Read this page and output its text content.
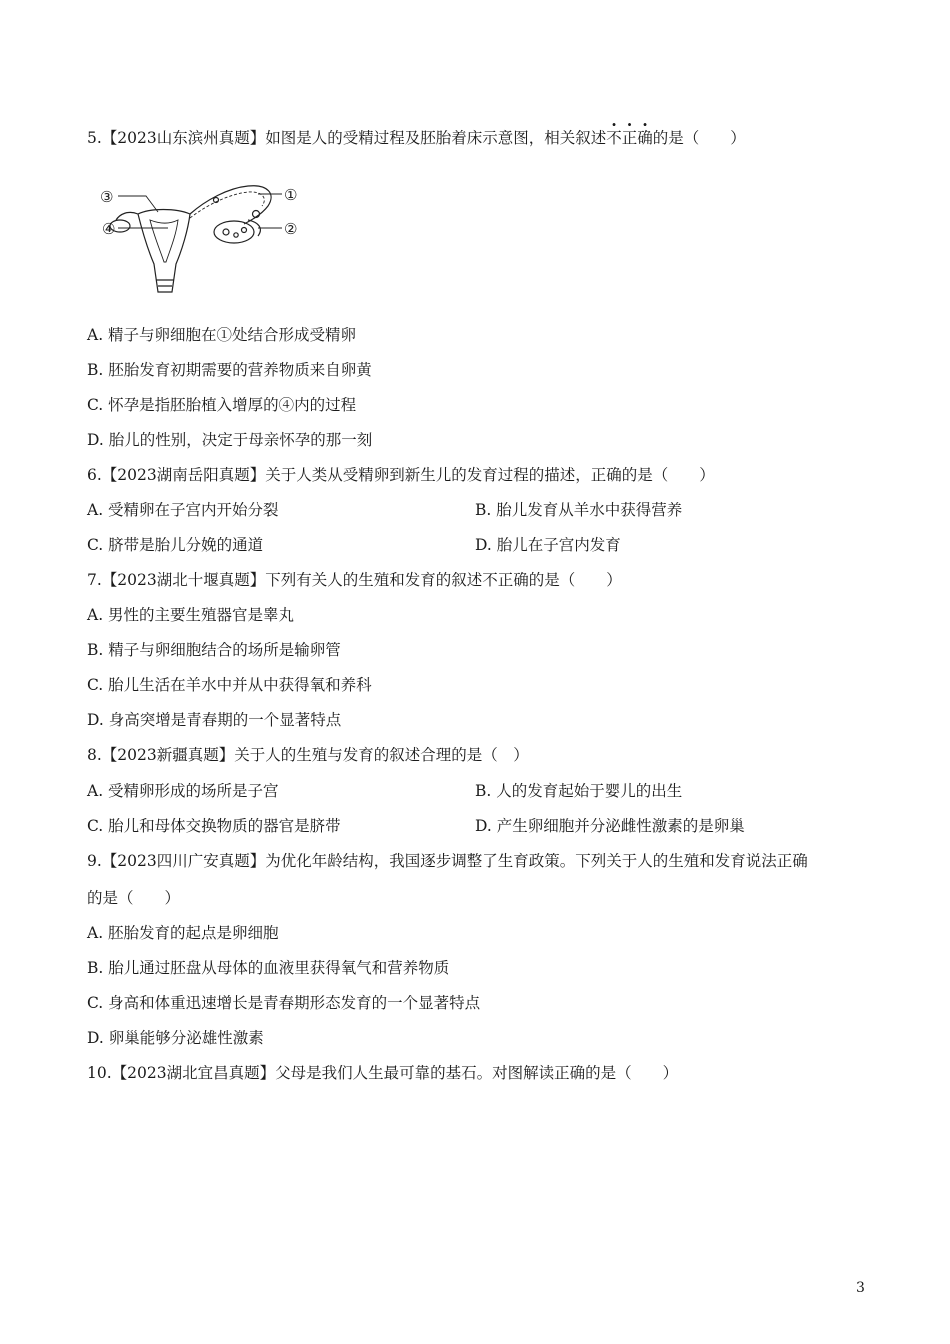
5.【2023山东滨州真题】如图是人的受精过程及胚胎着床示意图，相关叙述不正确的是（　　）
①
②
③
④
A. 精子与卵细胞在①处结合形成受精卵
B. 胚胎发育初期需要的营养物质来自卵黄
C. 怀孕是指胚胎植入增厚的④内的过程
D. 胎儿的性别，决定于母亲怀孕的那一刻
6.【2023湖南岳阳真题】关于人类从受精卵到新生儿的发育过程的描述，正确的是（　　）
A. 受精卵在子宫内开始分裂	B. 胎儿发育从羊水中获得营养
C. 脐带是胎儿分娩的通道	D. 胎儿在子宫内发育
7.【2023湖北十堰真题】下列有关人的生殖和发育的叙述不正确的是（　　）
A. 男性的主要生殖器官是睾丸
B. 精子与卵细胞结合的场所是输卵管
C. 胎儿生活在羊水中并从中获得氧和养科
D. 身高突增是青春期的一个显著特点
8.【2023新疆真题】关于人的生殖与发育的叙述合理的是（　）
A. 受精卵形成的场所是子宫	B. 人的发育起始于婴儿的出生
C. 胎儿和母体交换物质的器官是脐带	D. 产生卵细胞并分泌雌性激素的是卵巢
9.【2023四川广安真题】为优化年龄结构，我国逐步调整了生育政策。下列关于人的生殖和发育说法正确
的是（　　）
A. 胚胎发育的起点是卵细胞
B. 胎儿通过胚盘从母体的血液里获得氧气和营养物质
C. 身高和体重迅速增长是青春期形态发育的一个显著特点
D. 卵巢能够分泌雄性激素
10.【2023湖北宜昌真题】父母是我们人生最可靠的基石。对图解读正确的是（　　）
3
